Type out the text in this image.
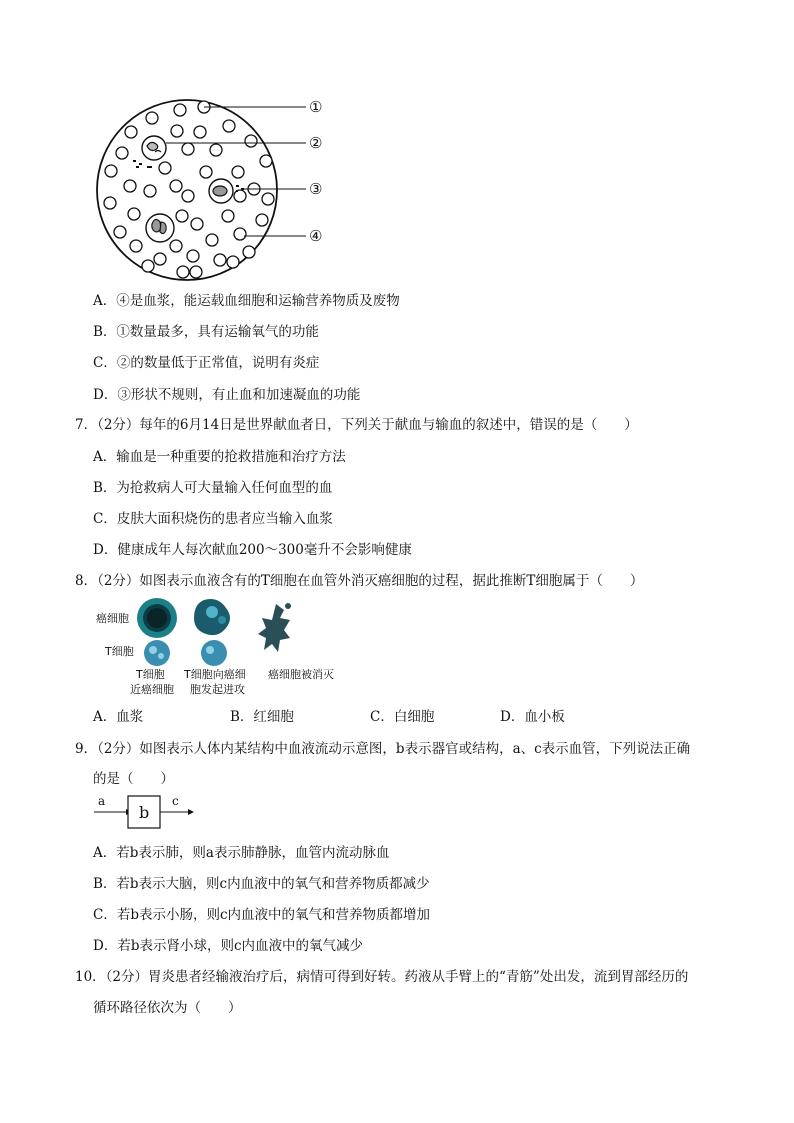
①
②
③
④
A．④是血浆，能运载血细胞和运输营养物质及废物
B．①数量最多，具有运输氧气的功能
C．②的数量低于正常值，说明有炎症
D．③形状不规则，有止血和加速凝血的功能
7．（2分）每年的6月14日是世界献血者日，下列关于献血与输血的叙述中，错误的是（　　）
A．输血是一种重要的抢救措施和治疗方法
B．为抢救病人可大量输入任何血型的血
C．皮肤大面积烧伤的患者应当输入血浆
D．健康成年人每次献血200～300毫升不会影响健康
8．（2分）如图表示血液含有的T细胞在血管外消灭癌细胞的过程，据此推断T细胞属于（　　）
癌细胞
T细胞
T细胞
近癌细胞
T细胞向癌细
胞发起进攻
癌细胞被消灭
A．血浆	B．红细胞	C．白细胞	D．血小板
9．（2分）如图表示人体内某结构中血液流动示意图，b表示器官或结构，a、c表示血管，下列说法正确
的是（　　）
a
b
c
A．若b表示肺，则a表示肺静脉，血管内流动脉血
B．若b表示大脑，则c内血液中的氧气和营养物质都减少
C．若b表示小肠，则c内血液中的氧气和营养物质都增加
D．若b表示肾小球，则c内血液中的氧气减少
10．（2分）胃炎患者经输液治疗后，病情可得到好转。药液从手臂上的“青筋”处出发，流到胃部经历的
循环路径依次为（　　）
